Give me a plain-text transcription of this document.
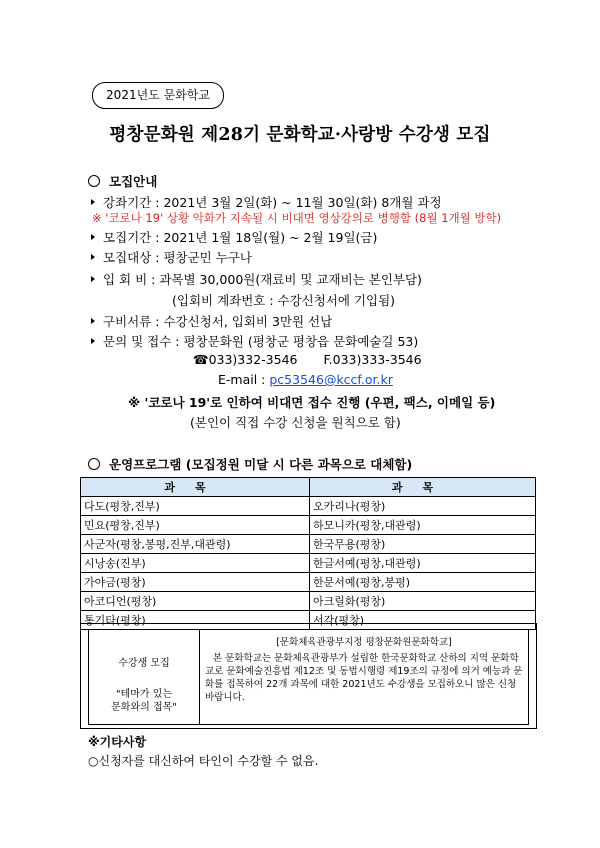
2021년도 문화학교
평창문화원 제28기 문화학교·사랑방 수강생 모집
모집안내
강좌기간 : 2021년 3월 2일(화) ~ 11월 30일(화) 8개월 과정
※ '코로나 19' 상황 악화가 지속될 시 비대면 영상강의로 병행함 (8월 1개월 방학)
모집기간 : 2021년 1월 18일(월) ~ 2월 19일(금)
모집대상 : 평창군민 누구나
입 회 비 : 과목별 30,000원(재료비 및 교재비는 본인부담)
(입회비 계좌번호 : 수강신청서에 기입됨)
구비서류 : 수강신청서, 입회비 3만원 선납
문의 및 접수 : 평창문화원 (평창군 평창읍 문화예술길 53)
☎033)332-3546 F.033)333-3546
E-mail : pc53546@kccf.or.kr
※ '코로나 19'로 인하여 비대면 접수 진행 (우편, 팩스, 이메일 등)
(본인이 직접 수강 신청을 원칙으로 함)
운영프로그램 (모집정원 미달 시 다른 과목으로 대체함)
과목	과목
다도(평창,진부)	오카리나(평창)
민요(평창,진부)	하모니카(평창,대관령)
사군자(평창,봉평,진부,대관령)	한국무용(평창)
시낭송(진부)	한글서예(평창,대관령)
가야금(평창)	한문서예(평창,봉평)
아코디언(평창)	아크릴화(평창)
통기타(평창)	서각(평창)
수강생 모집
"테마가 있는
문화와의 접목"
[문화체육관광부지정 평창문화원문화학교]
본 문화학교는 문화체육관광부가 설립한 한국문화학교 산하의 지역 문화학교로 문화예술진흥법 제12조 및 동법시행령 제19조의 규정에 의거 예능과 문화를 접목하여 22개 과목에 대한 2021년도 수강생을 모집하오니 많은 신청바랍니다.
※기타사항
○신청자를 대신하여 타인이 수강할 수 없음.
